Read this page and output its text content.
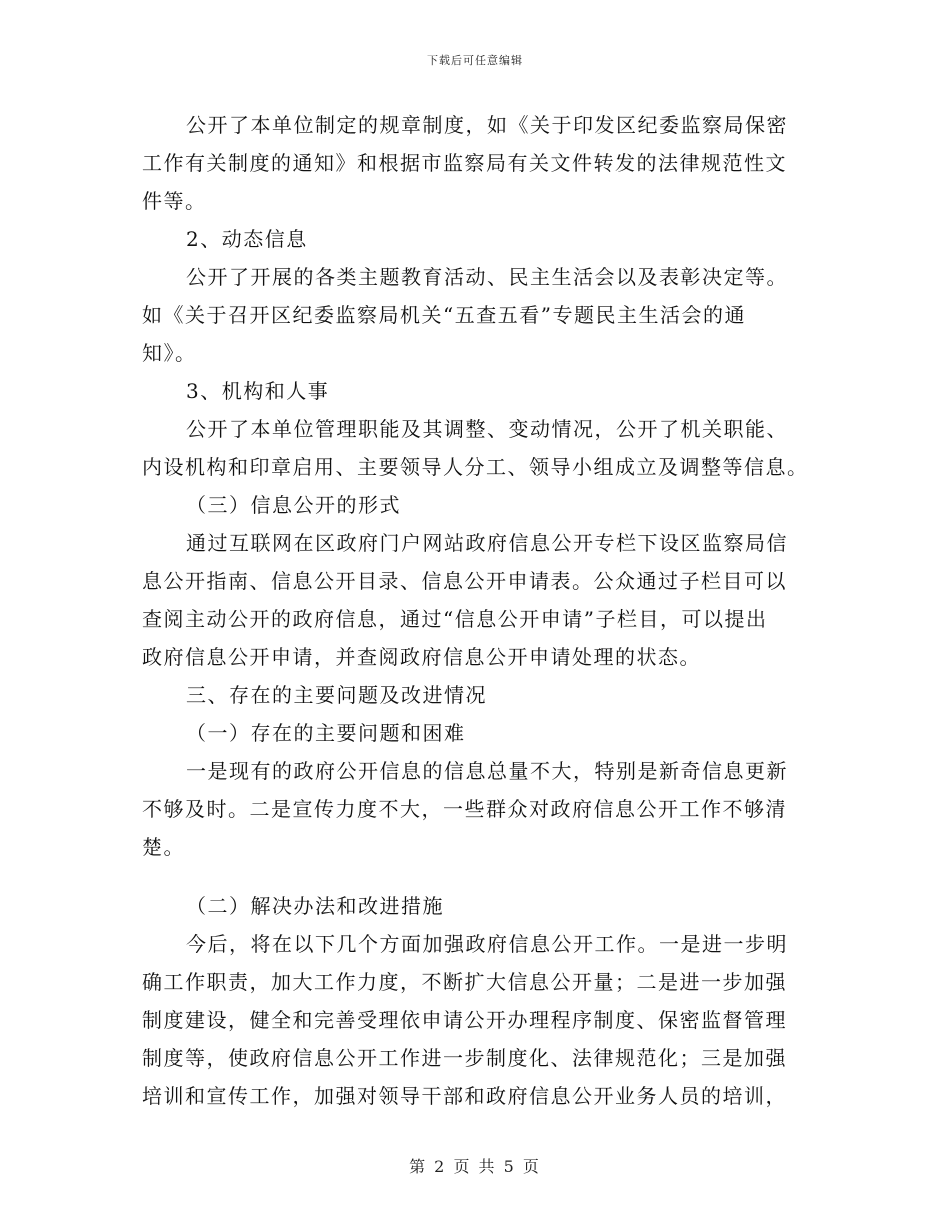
下载后可任意编辑
公开了本单位制定的规章制度，如《关于印发区纪委监察局保密
工作有关制度的通知》和根据市监察局有关文件转发的法律规范性文
件等。
2、动态信息
公开了开展的各类主题教育活动、民主生活会以及表彰决定等。
如《关于召开区纪委监察局机关“五查五看”专题民主生活会的通
知》。
3、机构和人事
公开了本单位管理职能及其调整、变动情况，公开了机关职能、
内设机构和印章启用、主要领导人分工、领导小组成立及调整等信息。
（三）信息公开的形式
通过互联网在区政府门户网站政府信息公开专栏下设区监察局信
息公开指南、信息公开目录、信息公开申请表。公众通过子栏目可以
查阅主动公开的政府信息，通过“信息公开申请”子栏目，可以提出
政府信息公开申请，并查阅政府信息公开申请处理的状态。
三、存在的主要问题及改进情况
（一）存在的主要问题和困难
一是现有的政府公开信息的信息总量不大，特别是新奇信息更新
不够及时。二是宣传力度不大，一些群众对政府信息公开工作不够清
楚。
（二）解决办法和改进措施
今后，将在以下几个方面加强政府信息公开工作。一是进一步明
确工作职责，加大工作力度，不断扩大信息公开量；二是进一步加强
制度建设，健全和完善受理依申请公开办理程序制度、保密监督管理
制度等，使政府信息公开工作进一步制度化、法律规范化；三是加强
培训和宣传工作，加强对领导干部和政府信息公开业务人员的培训，
第 2 页 共 5 页
